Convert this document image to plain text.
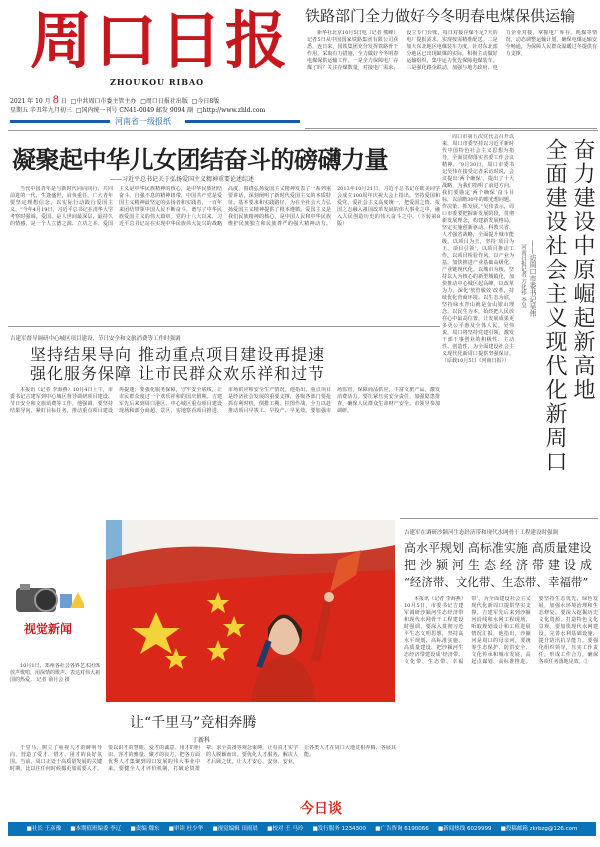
周口日报
ZHOUKOU RIBAO
2021 年 10 月 8 日 □中共周口市委主管主办 □周口日报社出版 □今日8版
星期五 辛丑年九月初三 □国内统一刊号 CN41-0049 邮发 9094 副 □http://www.zhld.com
河南省一级报纸
铁路部门全力做好今冬明春电煤保供运输
新华社北京10月5日电（记者 熊峰）记者5日从中国国家铁路集团有限公司获悉，连日来，国铁集团充分发挥铁路骨干作用，采取有力措施，全力做好今冬明春电煤保供运输工作。一是全力保障电厂存煤了吗？关注存煤数量，对接电厂需求，设立专门台账，每日对接存煤不足7天的电厂提报需求，实现按需精准配送。二是加大东北地区电煤装车力度，针对东北部分地区已出现缺煤的实际，积极主动做好运输组织，集中运力优先保障电煤装车。三是强化路企联动，加强与地方政府、电力企业对接，掌握电厂库存、耗煤等情况，动态调整运输计划，确保电煤运输安全畅通，为保障人民群众温暖过冬提供有力支撑。
凝聚起中华儿女团结奋斗的磅礴力量
——习近平总书记关于弘扬爱国主义精神重要论述综述
当代中国青年是与新时代同向同行、共同前进的一代，生逢盛世，肩负重任。广大青年要坚定理想信念，以实际行动践行爱国主义。“今年4月19日，习近平总书记在清华大学考察时强调。爱国，是人世间最深层、最持久的情感，是一个人立德之源、立功之本。爱国主义是中华民族精神的核心，是中华民族团结奋斗、自强不息的精神纽带。中国共产党是爱国主义精神最坚定的弘扬者和实践者，一百年来团结带领中国人民不断奋斗，谱写了中华民族爱国主义的伟大篇章。党的十八大以来，习近平总书记站在实现中华民族伟大复兴的战略高度，围绕弘扬爱国主义精神发表了一系列重要讲话，深刻阐明了新时代爱国主义的本质特征、基本要求和实践路径，为在全社会大力弘扬爱国主义精神提供了根本遵循。爱国主义是我们民族精神的核心，是中国人民和中华民族维护民族独立和民族尊严的强大精神动力。2013年10月21日，习近平总书记在欧美同学会成立100周年庆祝大会上指出。坚持爱国和爱党、爱社会主义高度统一，把爱国之情、报国之志融入祖国改革发展的伟大事业之中，融入人民创造历史的伟大奋斗之中。（下转第8版）
吉建军督导调研中心城区项目建设、节日安全和文旅消费等工作时强调
坚持结果导向 推动重点项目建设再提速
强化服务保障 让市民群众欢乐祥和过节
本报讯（记者 李海燕）10月4日上午，市委书记吉建军到中心城区督导调研项目建设、节日安全和文旅消费等工作。他强调，要坚持结果导向，紧盯目标任务，推动重点项目建设再提速；要强化服务保障，守牢安全底线，让市民群众度过一个欢乐祥和的国庆假期。吉建军先后来到周口港区、中心城区重点项目建设现场和部分商超、景区，实地察看项目推进、市场供应和安全生产情况。他指出，重点项目是经济社会发展的重要支撑，各级各部门要抢抓有利时机，倒排工期、挂图作战，全力以赴推动项目早竣工、早投产、早见效。要加强市场监管，保障商品供应，丰富文旅产品，激发消费活力。要压紧压实安全责任，加强隐患排查，确保人民群众生命财产安全。市领导参加调研。
周口市第五次党代会召开以来，周口市委坚持以习近平新时代中国特色社会主义思想为指导，全面贯彻落实省委工作会议精神。“9月30日，周口市委书记吴伟在接受记者采访时说，会议提出‘两个确保’，提出了十大战略，为我们指明了前进方向。我们要锚定‘两个确保’奋斗目标，以前瞻30年的眼光想问题、作决策、抓发展。”吴伟表示，周口市委要把握新发展阶段，贯彻新发展理念，构建新发展格局，坚定实施创新驱动、科教兴省、人才强省战略，全面提升城市能级。以项目为王，坚持‘项目为王、项目引领’，以项目推动工作，以项目检验作风。以产业为基，加快推进产业基础高级化、产业链现代化。以城市为核，坚持以人为核心的新型城镇化，加快推动中心城区起高峰。以改革为力，深化‘放管服效’改革，持续优化营商环境。以生态为底，坚持绿水青山就是金山银山理念。以民生为本，始终把人民放在心中最高位置，让发展成果更多更公平惠及全体人民。吴伟说，周口将坚持党建引领，激发干部干事创业的积极性、主动性、创造性，为全面建设社会主义现代化新周口提供坚强保证。（原载10月5日《河南日报》）	奋力建设中原崛起新高地
全面建设社会主义现代化新周口
——访周口市委书记吴伟
河南日报记者 方化祎 李昊
吉建军在调研沙颍河生态经济带和现代水网骨干工程建设时强调
高水平规划 高标准实施 高质量建设
把沙颍河生态经济带建设成
“经济带、文化带、生态带、幸福带”
本报讯（记者 李海燕）10月5日，市委书记吉建军调研沙颍河生态经济带和现代水网骨干工程建设时强调，要深入贯彻习近平生态文明思想，坚持高水平规划、高标准实施、高质量建设，把沙颍河生态经济带建设成‘经济带、文化带、生态带、幸福带’，为全面建设社会主义现代化新周口提供坚实支撑。吉建军先后来到沙颍河沿线和水网工程现场，听取规划设计和工程进展情况汇报。他指出，沙颍河是周口的母亲河，要统筹生态保护、防洪安全、文化传承和城市发展，高起点谋划、高标准推进。要坚持生态优先、绿色发展，加强水环境治理和生态修复。要深入挖掘历史文化资源，打造特色文化景观。要加快现代水网建设，完善水利基础设施，提升防汛抗旱能力。要强化组织领导，压实工作责任，形成工作合力，确保各项任务落地见效。②
视觉新闻
10月1日，郑州各社会各界艺术团体放声歌唱，用深情的歌声、表达对伟大祖国的热爱。 记者 俞月会 摄
让“千里马”竞相奔腾
丁新科
千里马，树立了重视人才的鲜明导向，营造了爱才、惜才、用才的良好氛围。当前，周口正处于高质量发展的关键时期，比以往任何时候都更加需要人才。要以识才的慧眼、爱才的诚意、用才的胆识、容才的雅量、聚才的良方，把各方面优秀人才集聚到周口发展的伟大事业中来。要健全人才评价机制，打破论资排辈、求全责备等观念束缚，让有真才实学的人脱颖而出。要优化人才服务，解决人才后顾之忧，让人才安心、安身、安业，让各类人才在周口大地竞相奔腾、各展其能。
今日谈
■社长 王彦豫 ■本期值班编委 李辽 ■责编 魏东 ■审读 杜少华 ■视觉编辑 田雨晨 ■校对 王 马玲 ■发行服务 1234300 ■广告咨询 6190066 ■新闻热线 6029999 ■投稿邮箱 zkrbzg@126.com
